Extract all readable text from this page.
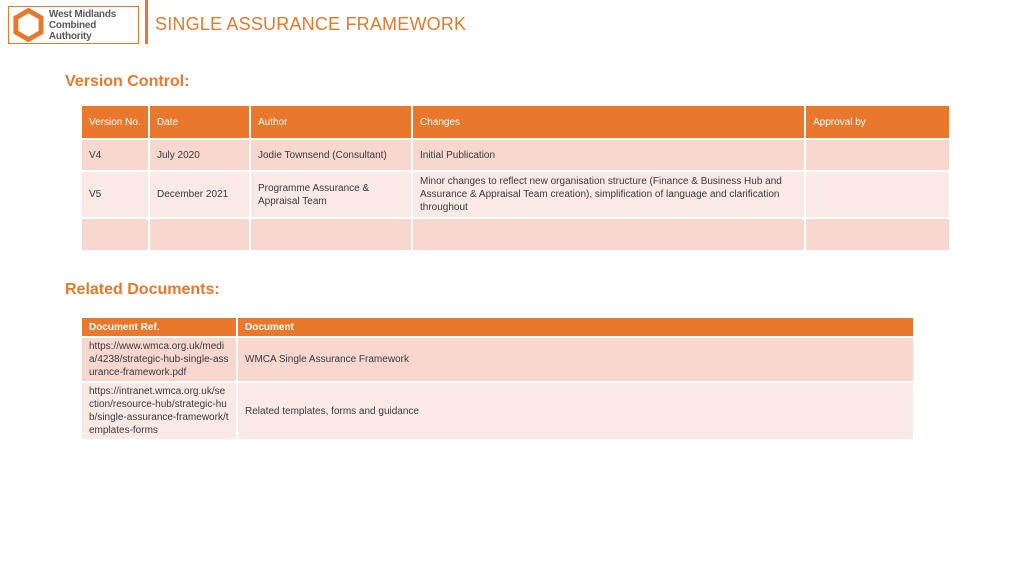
West Midlands
Combined Authority
SINGLE ASSURANCE FRAMEWORK
Version Control:
Version No.	Date	Author	Changes	Approval by
V4	July 2020	Jodie Townsend (Consultant)	Initial Publication	
V5	December 2021	Programme Assurance & Appraisal Team	Minor changes to reflect new organisation structure (Finance & Business Hub and Assurance & Appraisal Team creation), simplification of language and clarification throughout	

Related Documents:
Document Ref.	Document
https://www.wmca.org.uk/media/4238/strategic-hub-single-assurance-framework.pdf	WMCA Single Assurance Framework
https://intranet.wmca.org.uk/section/resource-hub/strategic-hub/single-assurance-framework/templates-forms	Related templates, forms and guidance
